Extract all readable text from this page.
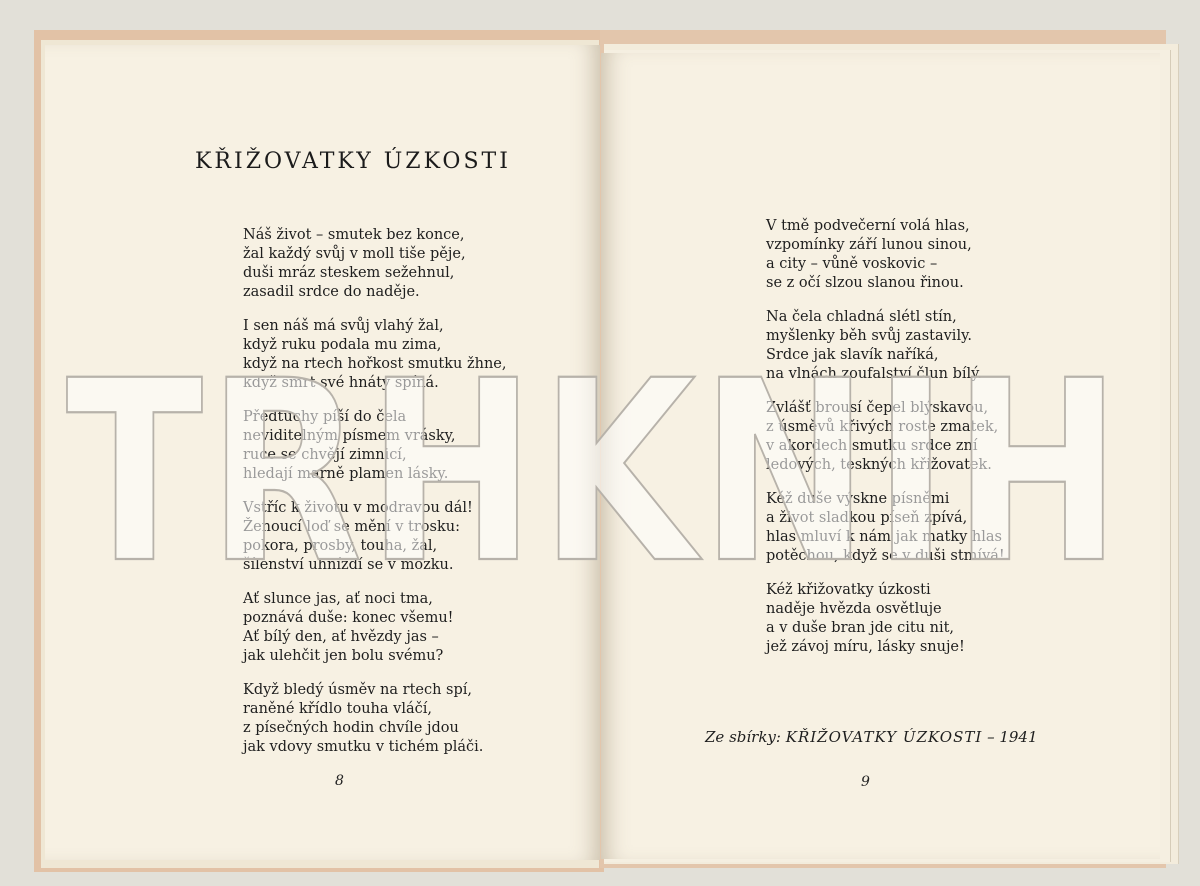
KŘIŽOVATKY ÚZKOSTI
Náš život – smutek bez konce,
žal každý svůj v moll tiše pěje,
duši mráz steskem sežehnul,
zasadil srdce do naděje.
I sen náš má svůj vlahý žal,
když ruku podala mu zima,
když na rtech hořkost smutku žhne,
když smrt své hnáty spíná.
Předtuchy píší do čela
neviditelným písmem vrásky,
ruce se chvějí zimnicí,
hledají marně plamen lásky.
Vstříc k životu v modravou dál!
Ženoucí loď se mění v trosku:
pokora, prosby, touha, žal,
šílenství uhnízdí se v mozku.
Ať slunce jas, ať noci tma,
poznává duše: konec všemu!
Ať bílý den, ať hvězdy jas –
jak ulehčit jen bolu svému?
Když bledý úsměv na rtech spí,
raněné křídlo touha vláčí,
z písečných hodin chvíle jdou
jak vdovy smutku v tichém pláči.
8
V tmě podvečerní volá hlas,
vzpomínky září lunou sinou,
a city – vůně voskovic –
se z očí slzou slanou řinou.
Na čela chladná slétl stín,
myšlenky běh svůj zastavily.
Srdce jak slavík naříká,
na vlnách zoufalství člun bílý.
Zvlášť brousí čepel blýskavou,
z úsměvů křivých roste zmatek,
v akordech smutku srdce zní
ledových, teskných křižovatek.
Kéž duše výskne písněmi
a život sladkou píseň zpívá,
hlas mluví k nám jak matky hlas
potěchou, když se v duši stmívá!
Kéž křižovatky úzkosti
naděje hvězda osvětluje
a v duše bran jde citu nit,
jež závoj míru, lásky snuje!
Ze sbírky: KŘIŽOVATKY ÚZKOSTI – 1941
9
TRHKNIH
